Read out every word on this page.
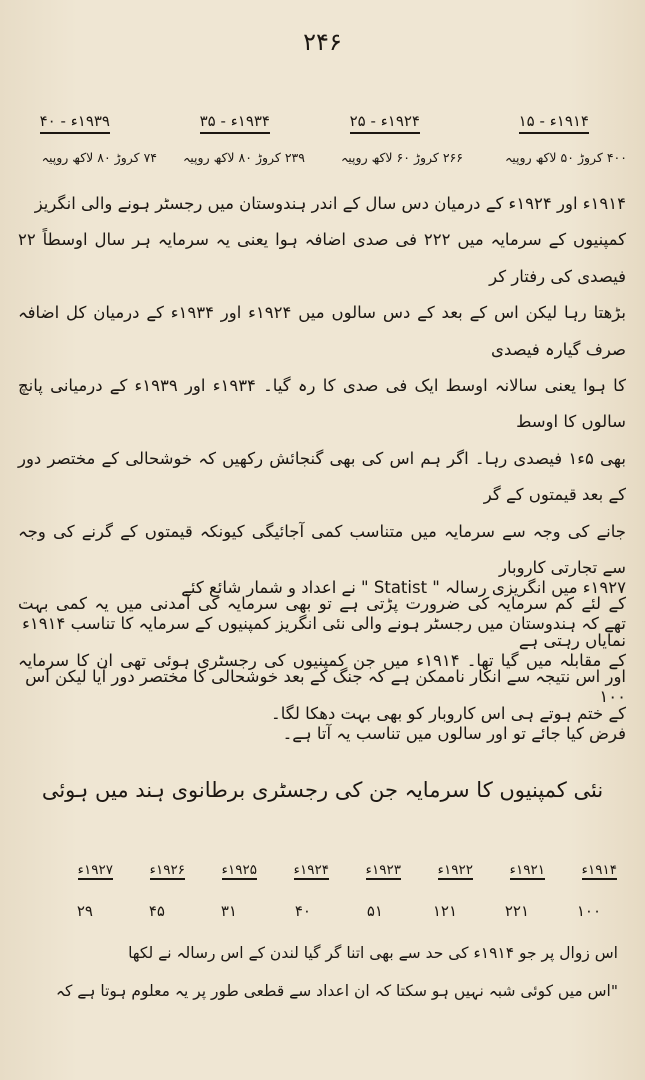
۲۴۶
۱۹۱۴ء - ۱۵
۱۹۲۴ء - ۲۵
۱۹۳۴ء - ۳۵
۱۹۳۹ء - ۴۰
۴۰۰ کروڑ ۵۰ لاکھ روپیہ
۲۶۶ کروڑ ۶۰ لاکھ روپیہ
۲۳۹ کروڑ ۸۰ لاکھ روپیہ
۷۴ کروڑ ۸۰ لاکھ روپیہ
۱۹۱۴ء اور ۱۹۲۴ء کے درمیان دس سال کے اندر ہندوستان میں رجسٹر ہونے والی انگریز
کمپنیوں کے سرمایہ میں ۲۲۲ فی صدی اضافہ ہوا یعنی یہ سرمایہ ہر سال اوسطاً ۲۲ فیصدی کی رفتار کر
بڑھتا رہا لیکن اس کے بعد کے دس سالوں میں ۱۹۲۴ء اور ۱۹۳۴ء کے درمیان کل اضافہ صرف گیارہ فیصدی
کا ہوا یعنی سالانہ اوسط ایک فی صدی کا رہ گیا۔ ۱۹۳۴ء اور ۱۹۳۹ء کے درمیانی پانچ سالوں کا اوسط
بھی ۵ء۱ فیصدی رہا۔ اگر ہم اس کی بھی گنجائش رکھیں کہ خوشحالی کے مختصر دور کے بعد قیمتوں کے گر
جانے کی وجہ سے سرمایہ میں متناسب کمی آجائیگی کیونکہ قیمتوں کے گرنے کی وجہ سے تجارتی کاروبار
کے لئے کم سرمایہ کی ضرورت پڑتی ہے تو بھی سرمایہ کی آمدنی میں یہ کمی بہت نمایاں رہتی ہے
اور اس نتیجہ سے انکار ناممکن ہے کہ جنگ کے بعد خوشحالی کا مختصر دور آیا لیکن اس
کے ختم ہوتے ہی اس کاروبار کو بھی بہت دھکا لگا۔
۱۹۲۷ء میں انگریزی رسالہ " Statist " نے اعداد و شمار شائع کئے
تھے کہ ہندوستان میں رجسٹر ہونے والی نئی انگریز کمپنیوں کے سرمایہ کا تناسب ۱۹۱۴ء
کے مقابلہ میں گیا تھا۔ ۱۹۱۴ء میں جن کمپنیوں کی رجسٹری ہوئی تھی ان کا سرمایہ ۱۰۰
فرض کیا جائے تو اور سالوں میں تناسب یہ آتا ہے۔
نئی کمپنیوں کا سرمایہ جن کی رجسٹری برطانوی ہند میں ہوئی
۱۹۱۴ء
۱۹۲۱ء
۱۹۲۲ء
۱۹۲۳ء
۱۹۲۴ء
۱۹۲۵ء
۱۹۲۶ء
۱۹۲۷ء
۱۰۰
۲۲۱
۱۲۱
۵۱
۴۰
۳۱
۴۵
۲۹
اس زوال پر جو ۱۹۱۴ء کی حد سے بھی اتنا گر گیا لندن کے اس رسالہ نے لکھا
"اس میں کوئی شبہ نہیں ہو سکتا کہ ان اعداد سے قطعی طور پر یہ معلوم ہوتا ہے کہ
